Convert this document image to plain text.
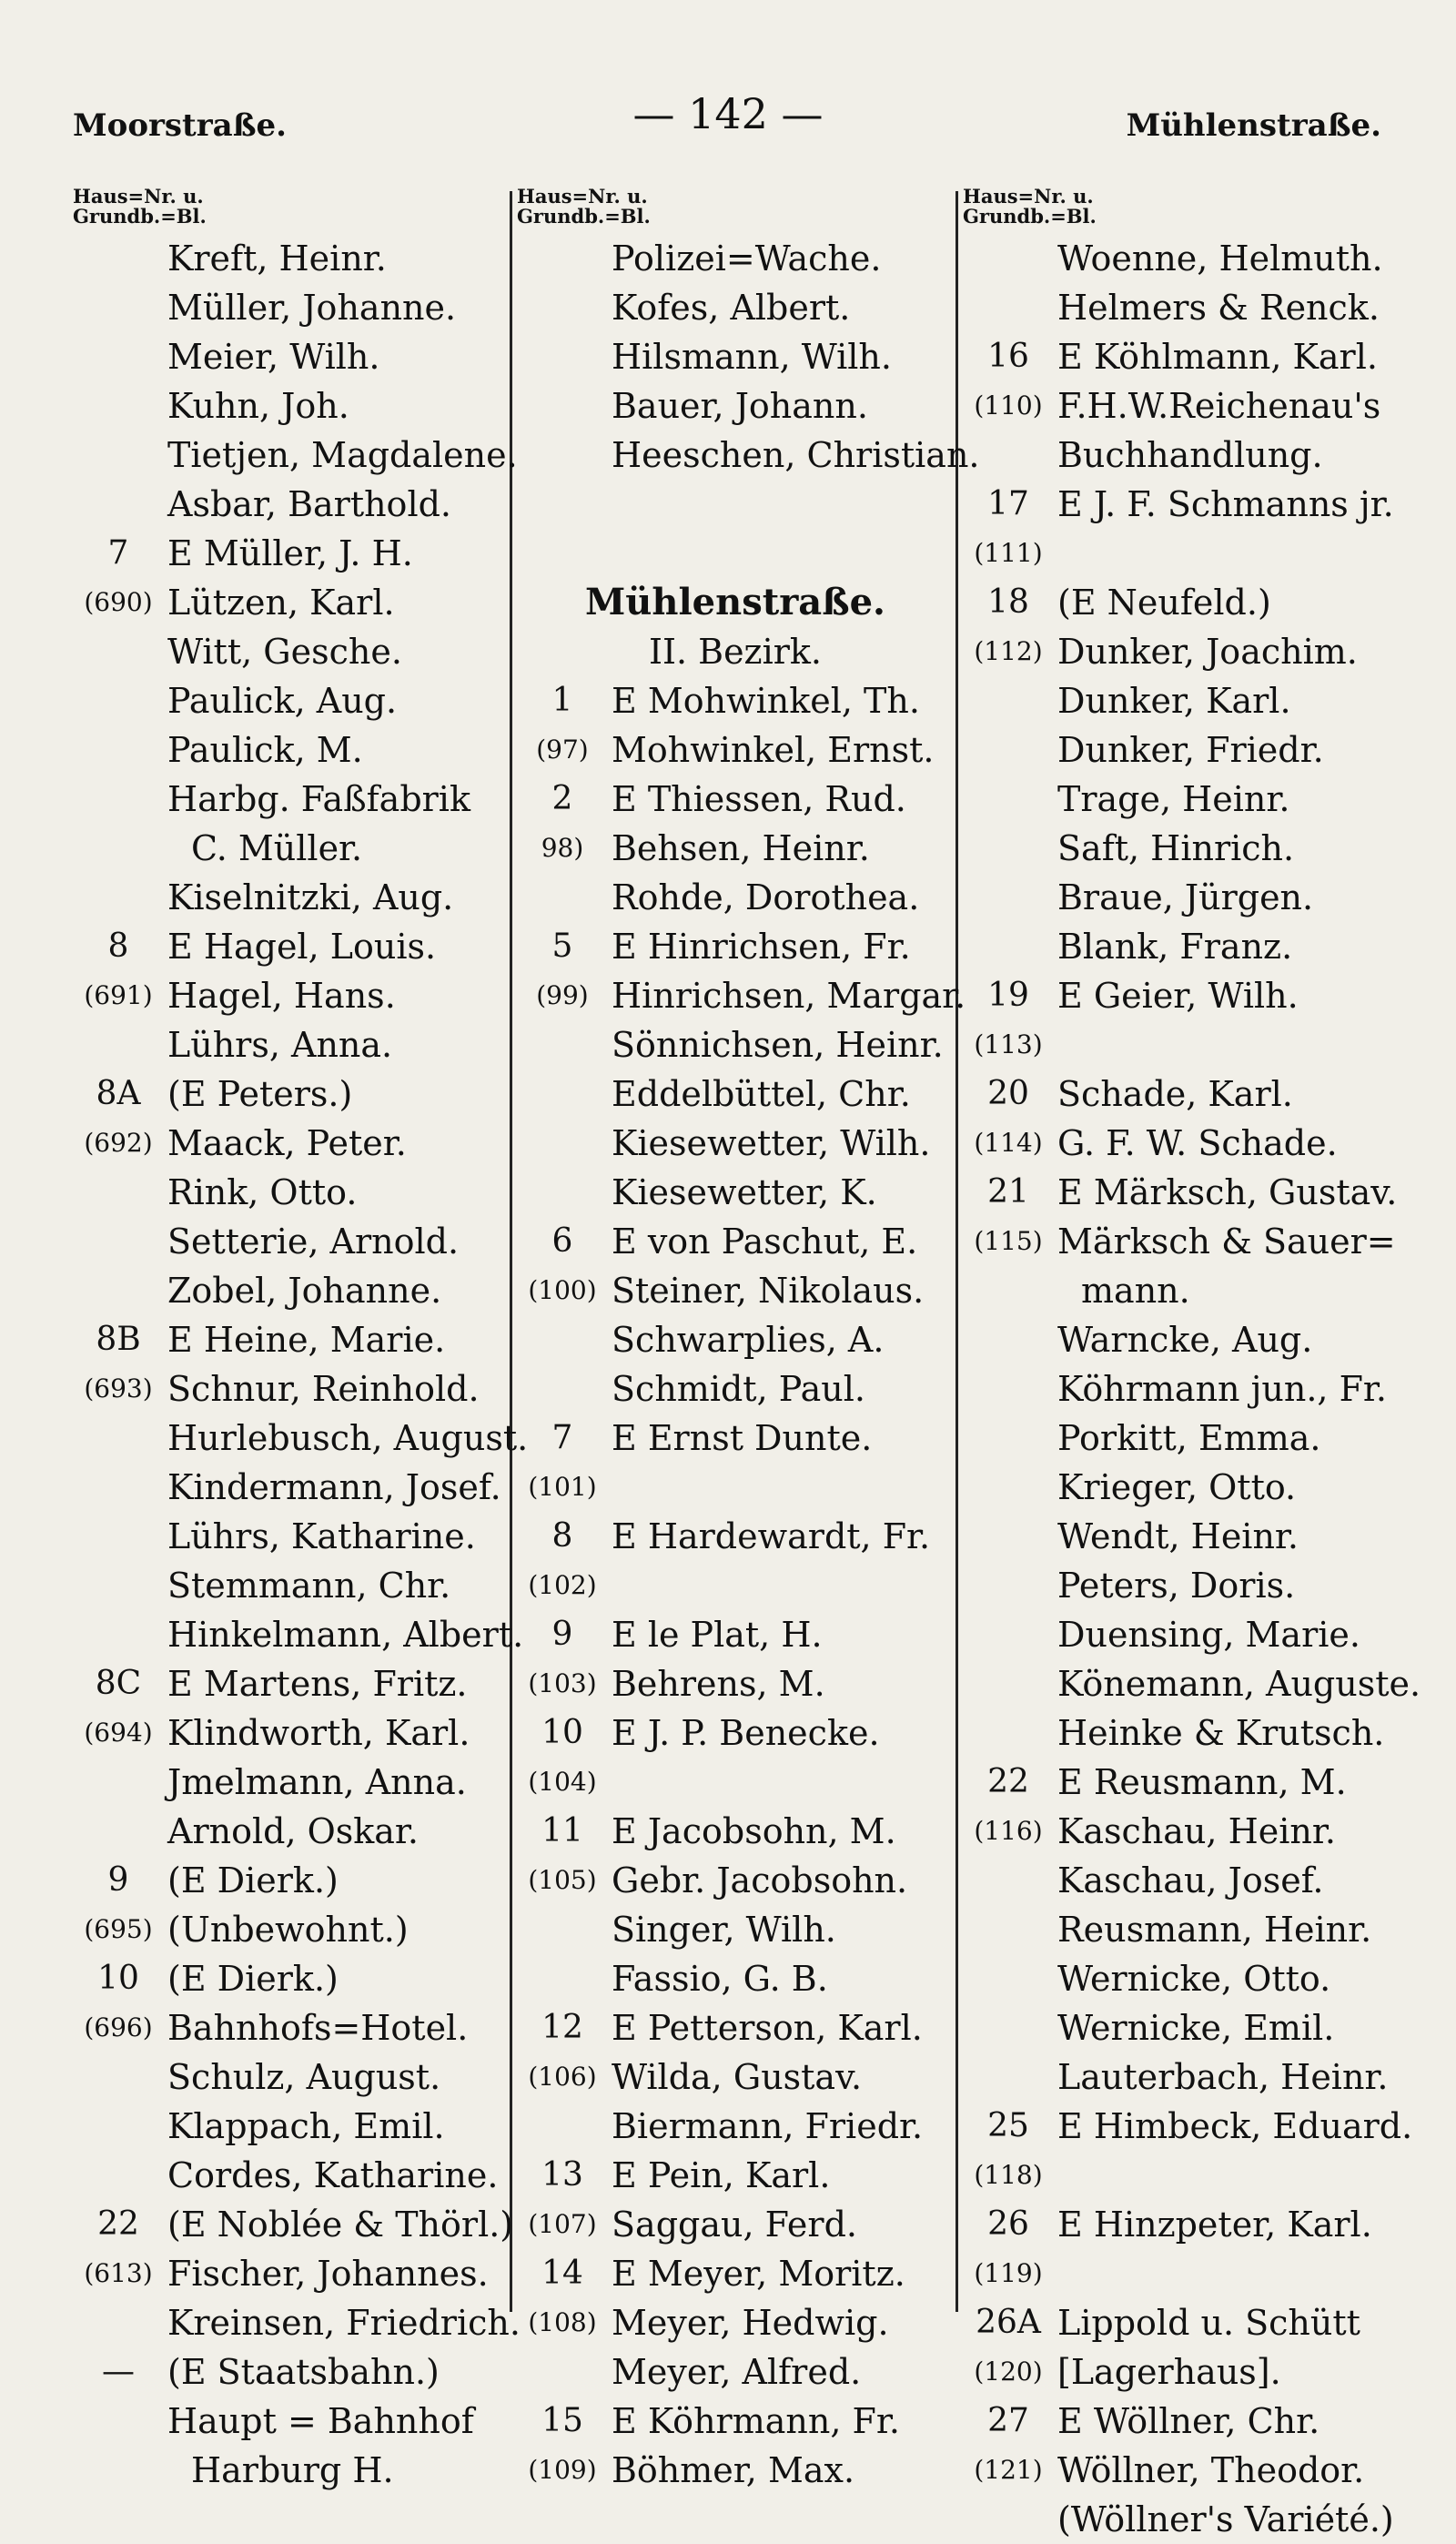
Moorstraße.	— 142 —	Mühlenstraße.
Haus=Nr. u.
Grundb.=Bl.
Kreft, Heinr.
Müller, Johanne.
Meier, Wilh.
Kuhn, Joh.
Tietjen, Magdalene.
Asbar, Barthold.
7	E Müller, J. H.
(690) Lützen, Karl.
Witt, Gesche.
Paulick, Aug.
Paulick, M.
Harbg. Faßfabrik
C. Müller.
Kiselnitzki, Aug.
8	E Hagel, Louis.
(691) Hagel, Hans.
Lührs, Anna.
8A (E Peters.)
(692) Maack, Peter.
Rink, Otto.
Setterie, Arnold.
Zobel, Johanne.
8B E Heine, Marie.
(693) Schnur, Reinhold.
Hurlebusch, August.
Kindermann, Josef.
Lührs, Katharine.
Stemmann, Chr.
Hinkelmann, Albert.
8C E Martens, Fritz.
(694) Klindworth, Karl.
Jmelmann, Anna.
Arnold, Oskar.
9	(E Dierk.)
(695) (Unbewohnt.)
10 (E Dierk.)
(696) Bahnhofs=Hotel.
Schulz, August.
Klappach, Emil.
Cordes, Katharine.
22 (E Noblée & Thörl.)
(613) Fischer, Johannes.
Kreinsen, Friedrich.
— (E Staatsbahn.)
Haupt = Bahnhof
Harburg H.
Haus=Nr. u.
Grundb.=Bl.
Polizei=Wache.
Kofes, Albert.
Hilsmann, Wilh.
Bauer, Johann.
Heeschen, Christian.
Mühlenstraße.
II. Bezirk.
1	E Mohwinkel, Th.
(97) Mohwinkel, Ernst.
2	E Thiessen, Rud.
98) Behsen, Heinr.
Rohde, Dorothea.
5	E Hinrichsen, Fr.
(99) Hinrichsen, Margar.
Sönnichsen, Heinr.
Eddelbüttel, Chr.
Kiesewetter, Wilh.
Kiesewetter, K.
6	E von Paschut, E.
(100) Steiner, Nikolaus.
Schwarplies, A.
Schmidt, Paul.
7	E Ernst Dunte.
(101)
8	E Hardewardt, Fr.
(102)
9	E le Plat, H.
(103) Behrens, M.
10 E J. P. Benecke.
(104)
11 E Jacobsohn, M.
(105) Gebr. Jacobsohn.
Singer, Wilh.
Fassio, G. B.
12 E Petterson, Karl.
(106) Wilda, Gustav.
Biermann, Friedr.
13 E Pein, Karl.
(107) Saggau, Ferd.
14 E Meyer, Moritz.
(108) Meyer, Hedwig.
Meyer, Alfred.
15 E Köhrmann, Fr.
(109) Böhmer, Max.
Haus=Nr. u.
Grundb.=Bl.
Woenne, Helmuth.
Helmers & Renck.
16 E Köhlmann, Karl.
(110) F.H.W.Reichenau's
Buchhandlung.
17 E J. F. Schmanns jr.
(111)
18 (E Neufeld.)
(112) Dunker, Joachim.
Dunker, Karl.
Dunker, Friedr.
Trage, Heinr.
Saft, Hinrich.
Braue, Jürgen.
Blank, Franz.
19 E Geier, Wilh.
(113)
20 Schade, Karl.
(114) G. F. W. Schade.
21 E Märksch, Gustav.
(115) Märksch & Sauer=
mann.
Warncke, Aug.
Köhrmann jun., Fr.
Porkitt, Emma.
Krieger, Otto.
Wendt, Heinr.
Peters, Doris.
Duensing, Marie.
Könemann, Auguste.
Heinke & Krutsch.
22 E Reusmann, M.
(116) Kaschau, Heinr.
Kaschau, Josef.
Reusmann, Heinr.
Wernicke, Otto.
Wernicke, Emil.
Lauterbach, Heinr.
25 E Himbeck, Eduard.
(118)
26 E Hinzpeter, Karl.
(119)
26A Lippold u. Schütt
(120) [Lagerhaus].
27 E Wöllner, Chr.
(121) Wöllner, Theodor.
(Wöllner's Variété.)
